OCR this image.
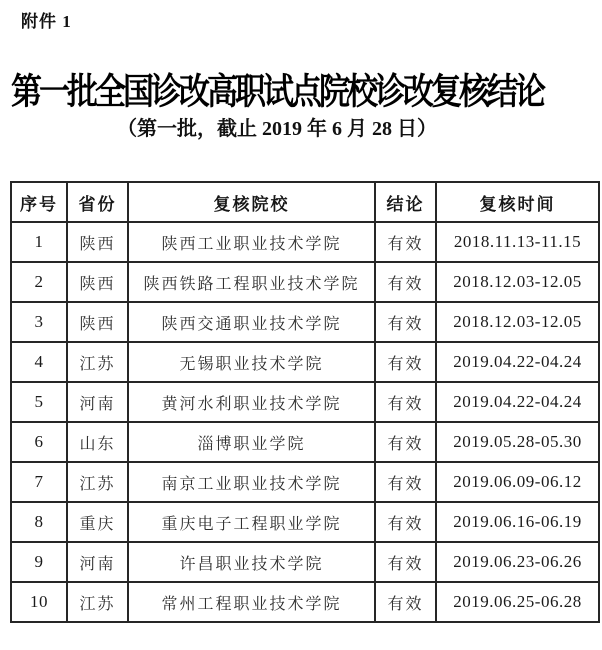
附件 1
第一批全国诊改高职试点院校诊改复核结论
（第一批，截止 2019 年 6 月 28 日）
序号	省份	复核院校	结论	复核时间
1	陕西	陕西工业职业技术学院	有效	2018.11.13-11.15
2	陕西	陕西铁路工程职业技术学院	有效	2018.12.03-12.05
3	陕西	陕西交通职业技术学院	有效	2018.12.03-12.05
4	江苏	无锡职业技术学院	有效	2019.04.22-04.24
5	河南	黄河水利职业技术学院	有效	2019.04.22-04.24
6	山东	淄博职业学院	有效	2019.05.28-05.30
7	江苏	南京工业职业技术学院	有效	2019.06.09-06.12
8	重庆	重庆电子工程职业学院	有效	2019.06.16-06.19
9	河南	许昌职业技术学院	有效	2019.06.23-06.26
10	江苏	常州工程职业技术学院	有效	2019.06.25-06.28
